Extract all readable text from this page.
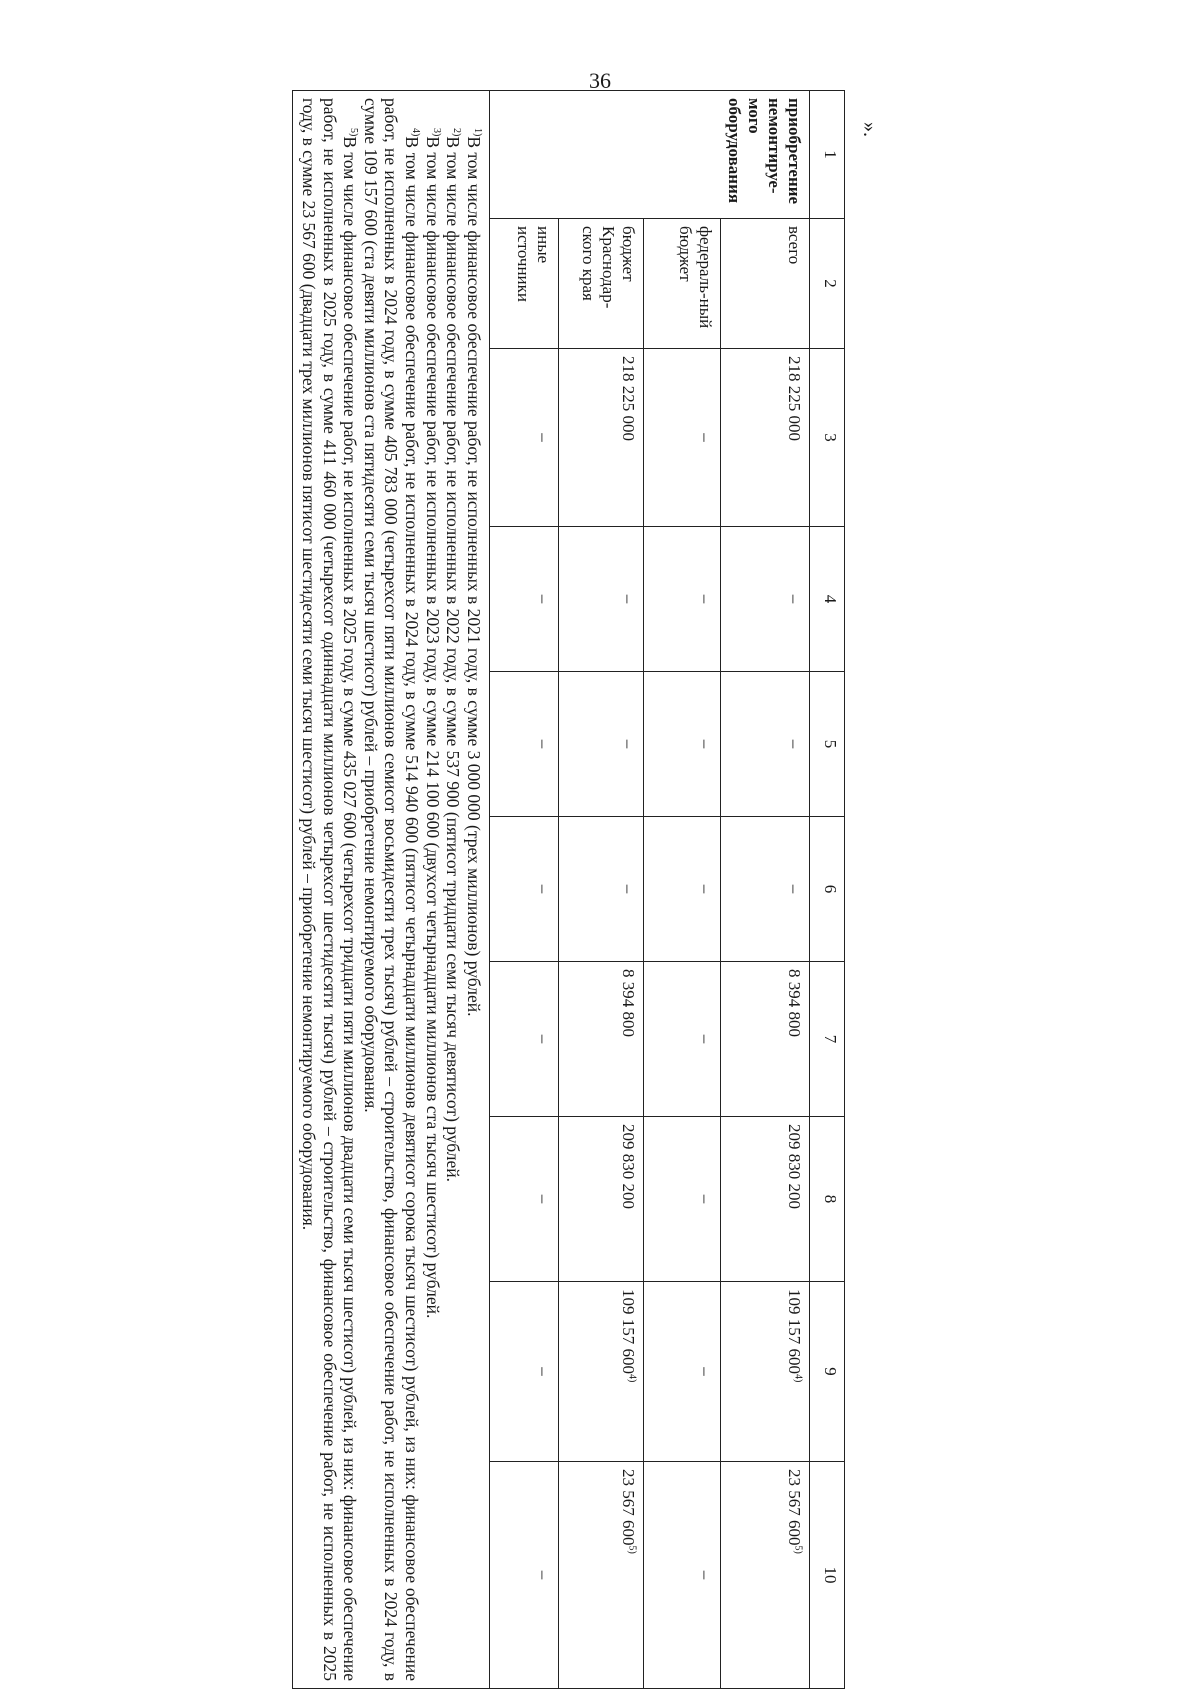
36
».
1	2	3	4	5	6	7	8	9	10
приобретение немонтируе-мого оборудования	всего	218 225 000	–	–	–	8 394 800	209 830 200	109 157 600$^{4)}$	23 567 600$^{5)}$
	федераль-ный бюджет	–	–	–	–	–	–	–	–
	бюджет Краснодар-ского края	218 225 000	–	–	–	8 394 800	209 830 200	109 157 600$^{4)}$	23 567 600$^{5)}$
	иные источники	–	–	–	–	–	–	–	–

$^{1)}$В том числе финансовое обеспечение работ, не исполненных в 2021 году, в сумме 3 000 000 (трех миллионов) рублей.

$^{2)}$В том числе финансовое обеспечение работ, не исполненных в 2022 году, в сумме 537 900 (пятисот тридцати семи тысяч девятисот) рублей.

$^{3)}$В том числе финансовое обеспечение работ, не исполненных в 2023 году, в сумме 214 100 600 (двухсот четырнадцати миллионов ста тысяч шестисот) рублей.

$^{4)}$В том числе финансовое обеспечение работ, не исполненных в 2024 году, в сумме 514 940 600 (пятисот четырнадцати миллионов девятисот сорока тысяч шестисот) рублей, из них: финансовое обеспечение работ, не исполненных в 2024 году, в сумме 405 783 000 (четырехсот пяти миллионов семисот восьмидесяти трех тысяч) рублей – строительство, финансовое обеспечение работ, не исполненных в 2024 году, в сумме 109 157 600 (ста девяти миллионов ста пятидесяти семи тысяч шестисот) рублей – приобретение немонтируемого оборудования.

$^{5)}$В том числе финансовое обеспечение работ, не исполненных в 2025 году, в сумме 435 027 600 (четырехсот тридцати пяти миллионов двадцати семи тысяч шестисот) рублей, из них: финансовое обеспечение работ, не исполненных в 2025 году, в сумме 411 460 000 (четырехсот одиннадцати миллионов четырехсот шестидесяти тысяч) рублей – строительство, финансовое обеспечение работ, не исполненных в 2025 году, в сумме 23 567 600 (двадцати трех миллионов пятисот шестидесяти семи тысяч шестисот) рублей – приобретение немонтируемого оборудования.									
